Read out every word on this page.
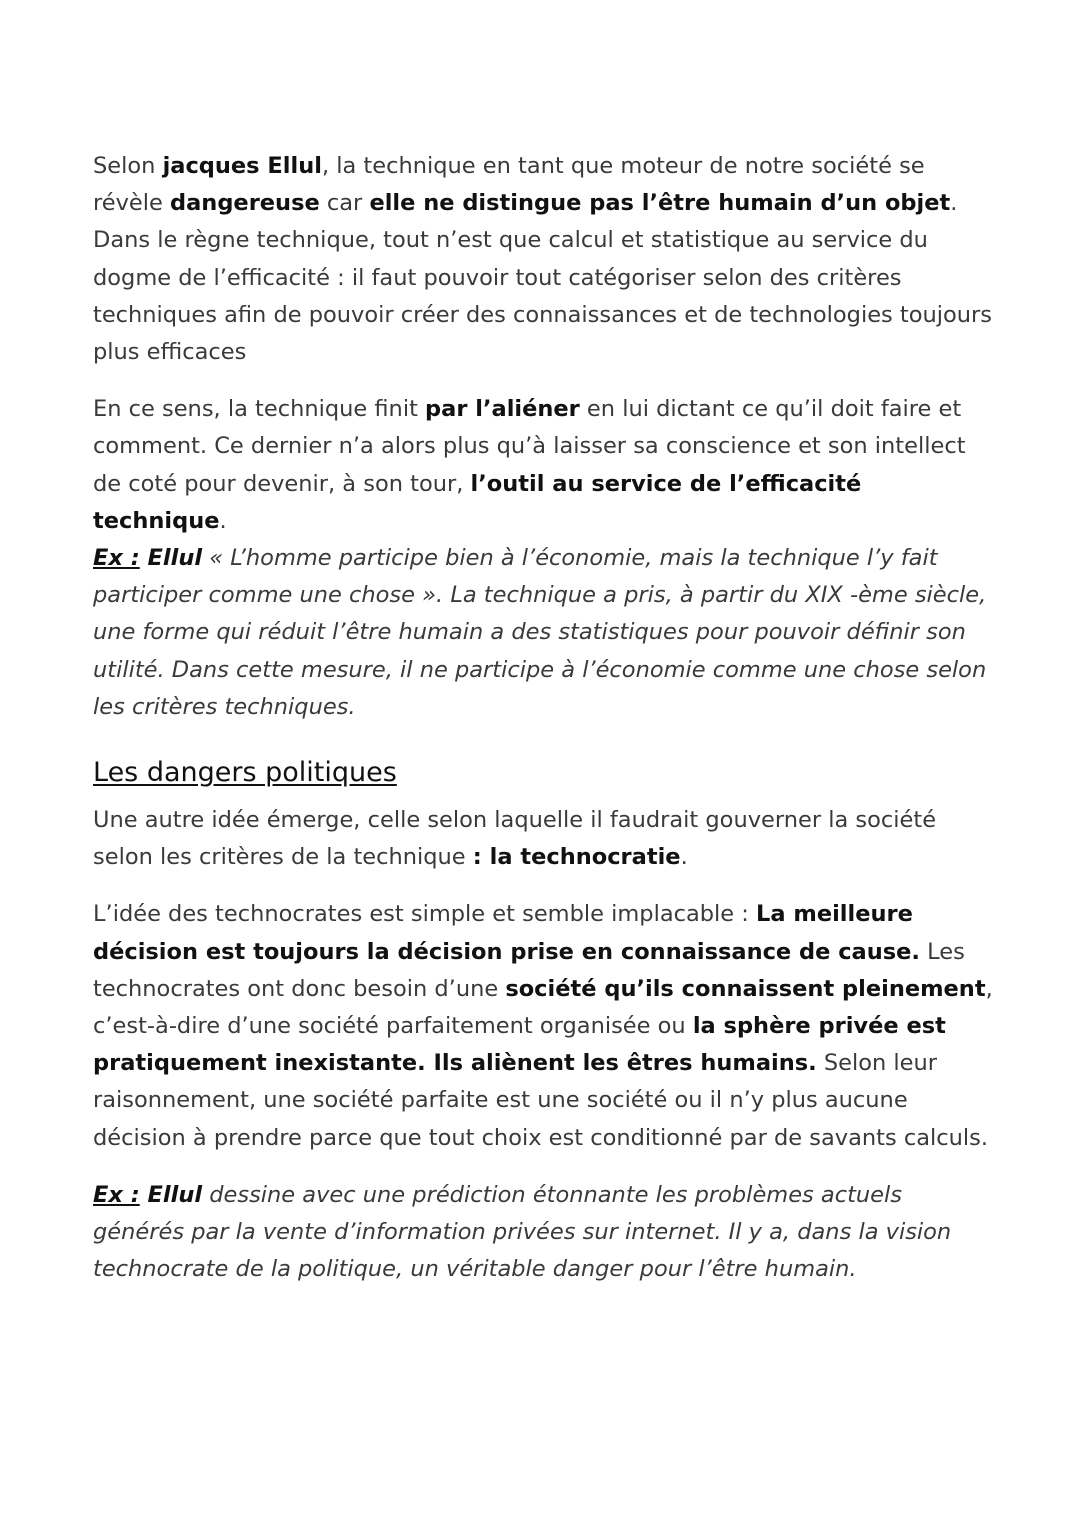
Selon jacques Ellul, la technique en tant que moteur de notre société se révèle dangereuse car elle ne distingue pas l’être humain d’un objet. Dans le règne technique, tout n’est que calcul et statistique au service du dogme de l’efficacité : il faut pouvoir tout catégoriser selon des critères techniques afin de pouvoir créer des connaissances et de technologies toujours plus efficaces

En ce sens, la technique finit par l’aliéner en lui dictant ce qu’il doit faire et comment. Ce dernier n’a alors plus qu’à laisser sa conscience et son intellect de coté pour devenir, à son tour, l’outil au service de l’efficacité technique.
Ex : Ellul « L’homme participe bien à l’économie, mais la technique l’y fait participer comme une chose ». La technique a pris, à partir du XIX -ème siècle, une forme qui réduit l’être humain a des statistiques pour pouvoir définir son utilité. Dans cette mesure, il ne participe à l’économie comme une chose selon les critères techniques.

Les dangers politiques

Une autre idée émerge, celle selon laquelle il faudrait gouverner la société selon les critères de la technique : la technocratie.

L’idée des technocrates est simple et semble implacable : La meilleure décision est toujours la décision prise en connaissance de cause. Les technocrates ont donc besoin d’une société qu’ils connaissent pleinement, c’est-à-dire d’une société parfaitement organisée ou la sphère privée est pratiquement inexistante. Ils aliènent les êtres humains. Selon leur raisonnement, une société parfaite est une société ou il n’y plus aucune décision à prendre parce que tout choix est conditionné par de savants calculs.

Ex : Ellul dessine avec une prédiction étonnante les problèmes actuels générés par la vente d’information privées sur internet. Il y a, dans la vision technocrate de la politique, un véritable danger pour l’être humain.
